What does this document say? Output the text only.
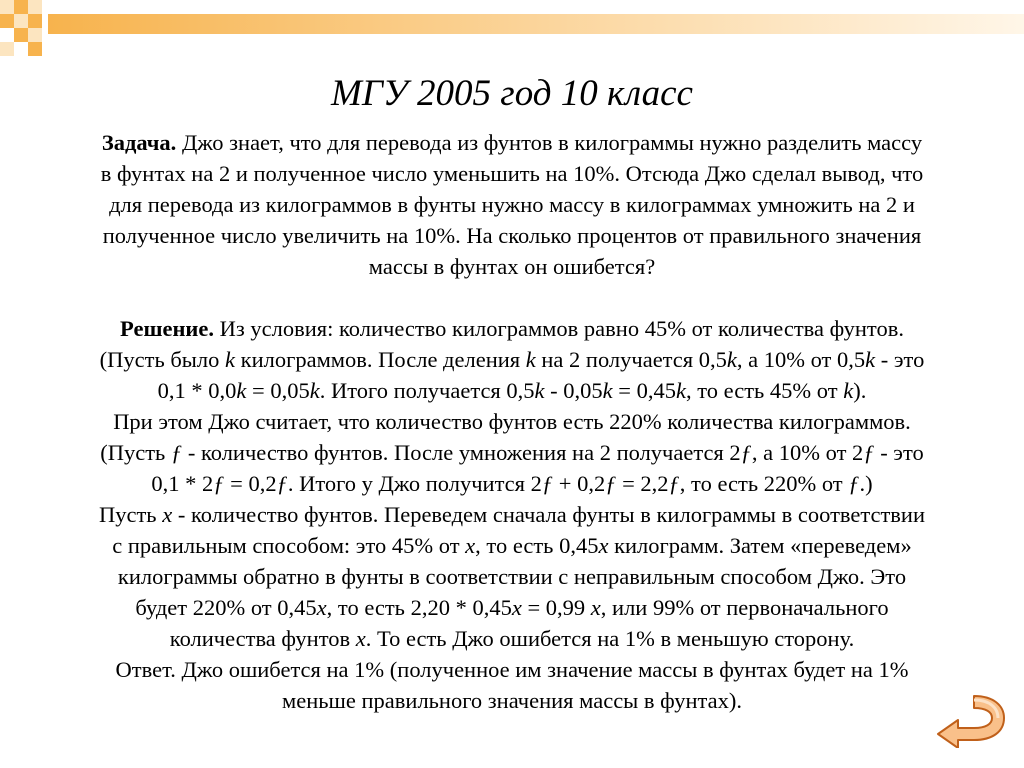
МГУ 2005 год 10 класс
Задача. Джо знает, что для перевода из фунтов в килограммы нужно разделить массу
в фунтах на 2 и полученное число уменьшить на 10%. Отсюда Джо сделал вывод, что
для перевода из килограммов в фунты нужно массу в килограммах умножить на 2 и
полученное число увеличить на 10%. На сколько процентов от правильного значения
массы в фунтах он ошибется?
Решение. Из условия: количество килограммов равно 45% от количества фунтов.
(Пусть было k килограммов. После деления k на 2 получается 0,5k, а 10% от 0,5k - это
0,1 * 0,0k = 0,05k. Итого получается 0,5k - 0,05k = 0,45k, то есть 45% от k).
При этом Джо считает, что количество фунтов есть 220% количества килограммов.
(Пусть ƒ - количество фунтов. После умножения на 2 получается 2ƒ, а 10% от 2ƒ - это
0,1 * 2ƒ = 0,2ƒ. Итого у Джо получится 2ƒ + 0,2ƒ = 2,2ƒ, то есть 220% от ƒ.)
Пусть x - количество фунтов. Переведем сначала фунты в килограммы в соответствии
с правильным способом: это 45% от x, то есть 0,45x килограмм. Затем «переведем»
килограммы обратно в фунты в соответствии с неправильным способом Джо. Это
будет 220% от 0,45x, то есть 2,20 * 0,45x = 0,99 x, или 99% от первоначального
количества фунтов x. То есть Джо ошибется на 1% в меньшую сторону.
Ответ. Джо ошибется на 1% (полученное им значение массы в фунтах будет на 1%
меньше правильного значения массы в фунтах).
